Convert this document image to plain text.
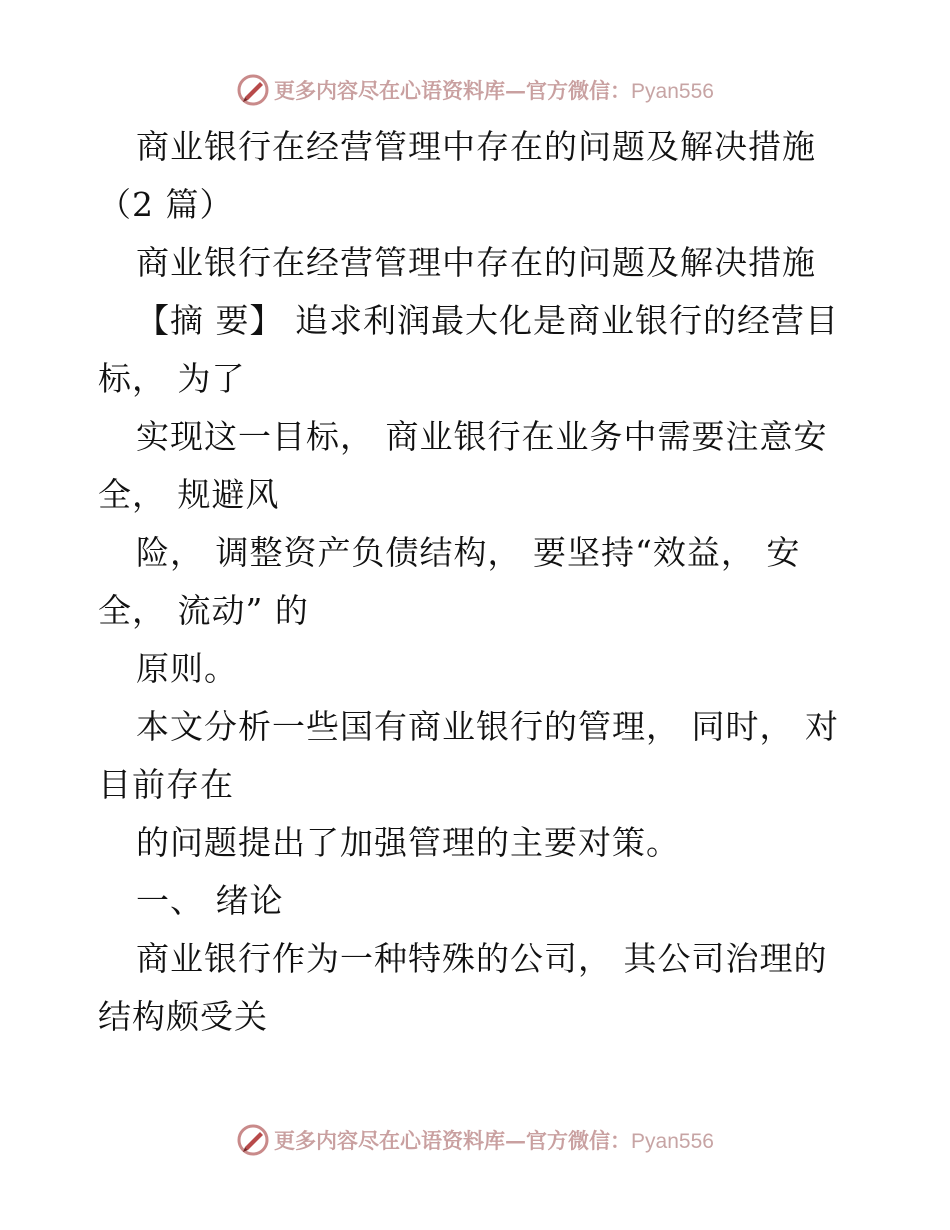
更多内容尽在心语资料库—官方微信：Pyan556
商业银行在经营管理中存在的问题及解决措施
（2 篇）
商业银行在经营管理中存在的问题及解决措施
【摘 要】 追求利润最大化是商业银行的经营目
标， 为了
实现这一目标， 商业银行在业务中需要注意安
全， 规避风
险， 调整资产负债结构， 要坚持“效益， 安
全， 流动” 的
原则。
本文分析一些国有商业银行的管理， 同时， 对
目前存在
的问题提出了加强管理的主要对策。
一、 绪论
商业银行作为一种特殊的公司， 其公司治理的
结构颇受关
更多内容尽在心语资料库—官方微信：Pyan556
